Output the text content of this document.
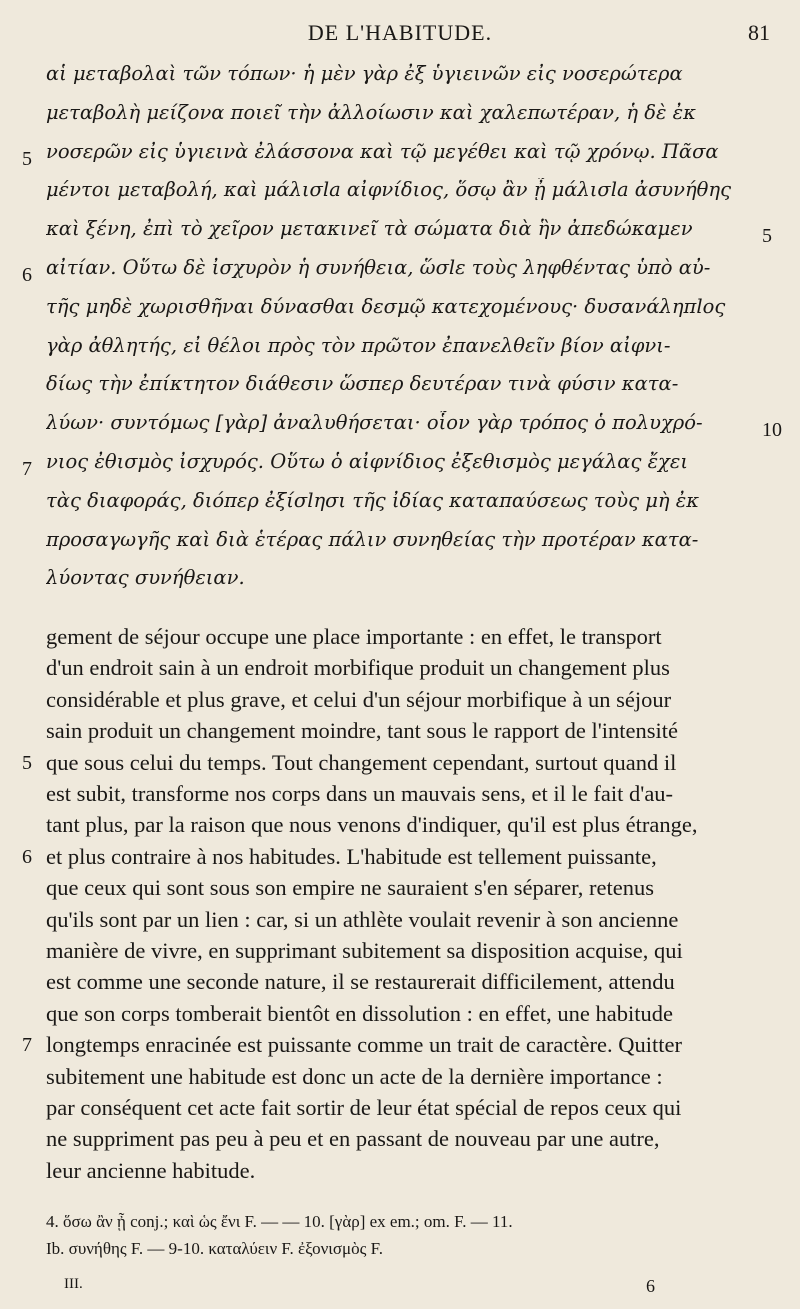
DE L'HABITUDE.	81
αἱ μεταβολαὶ τῶν τόπων· ἡ μὲν γὰρ ἐξ ὑγιεινῶν εἰς νοσερώτερα
μεταβολὴ μείζονα ποιεῖ τὴν ἀλλοίωσιν καὶ χαλεπωτέραν, ἡ δὲ ἐκ
νοσερῶν εἰς ὑγιεινὰ ἐλάσσονα καὶ τῷ μεγέθει καὶ τῷ χρόνῳ. Πᾶσα
μέντοι μεταβολή, καὶ μάλισla αἰφνίδιος, ὅσῳ ἂν ᾖ μάλισla ἀσυνήθης
καὶ ξένη, ἐπὶ τὸ χεῖρον μετακινεῖ τὰ σώματα διὰ ἣν ἀπεδώκαμεν
αἰτίαν. Οὕτω δὲ ἰσχυρὸν ἡ συνήθεια, ὥσlε τοὺς ληφθέντας ὑπὸ αὐ-
τῆς μηδὲ χωρισθῆναι δύνασθαι δεσμῷ κατεχομένους· δυσανάληπlος
γὰρ ἀθλητής, εἰ θέλοι πρὸς τὸν πρῶτον ἐπανελθεῖν βίον αἰφνι-
δίως τὴν ἐπίκτητον διάθεσιν ὥσπερ δευτέραν τινὰ φύσιν κατα-
λύων· συντόμως [γὰρ] ἀναλυθήσεται· οἷον γὰρ τρόπος ὁ πολυχρό-
νιος ἐθισμὸς ἰσχυρός. Οὕτω ὁ αἰφνίδιος ἐξεθισμὸς μεγάλας ἔχει
τὰς διαφοράς, διόπερ ἐξίσlησι τῆς ἰδίας καταπαύσεως τοὺς μὴ ἐκ
προσαγωγῆς καὶ διὰ ἑτέρας πάλιν συνηθείας τὴν προτέραν κατα-
λύοντας συνήθειαν.
gement de séjour occupe une place importante : en effet, le transport
d'un endroit sain à un endroit morbifique produit un changement plus
considérable et plus grave, et celui d'un séjour morbifique à un séjour
sain produit un changement moindre, tant sous le rapport de l'intensité
que sous celui du temps. Tout changement cependant, surtout quand il
est subit, transforme nos corps dans un mauvais sens, et il le fait d'au-
tant plus, par la raison que nous venons d'indiquer, qu'il est plus étrange,
et plus contraire à nos habitudes. L'habitude est tellement puissante,
que ceux qui sont sous son empire ne sauraient s'en séparer, retenus
qu'ils sont par un lien : car, si un athlète voulait revenir à son ancienne
manière de vivre, en supprimant subitement sa disposition acquise, qui
est comme une seconde nature, il se restaurerait difficilement, attendu
que son corps tomberait bientôt en dissolution : en effet, une habitude
longtemps enracinée est puissante comme un trait de caractère. Quitter
subitement une habitude est donc un acte de la dernière importance :
par conséquent cet acte fait sortir de leur état spécial de repos ceux qui
ne suppriment pas peu à peu et en passant de nouveau par une autre,
leur ancienne habitude.
4. ὅσω ἂν ᾖ conj.; καὶ ὡς ἔνι F. — — 10. [γὰρ] ex em.; om. F. — 11.
Ib. συνήθης F. — 9-10. καταλύειν F. ἐξονισμὸς F.
III.	6
5
6
7
5
10
5
6
7
